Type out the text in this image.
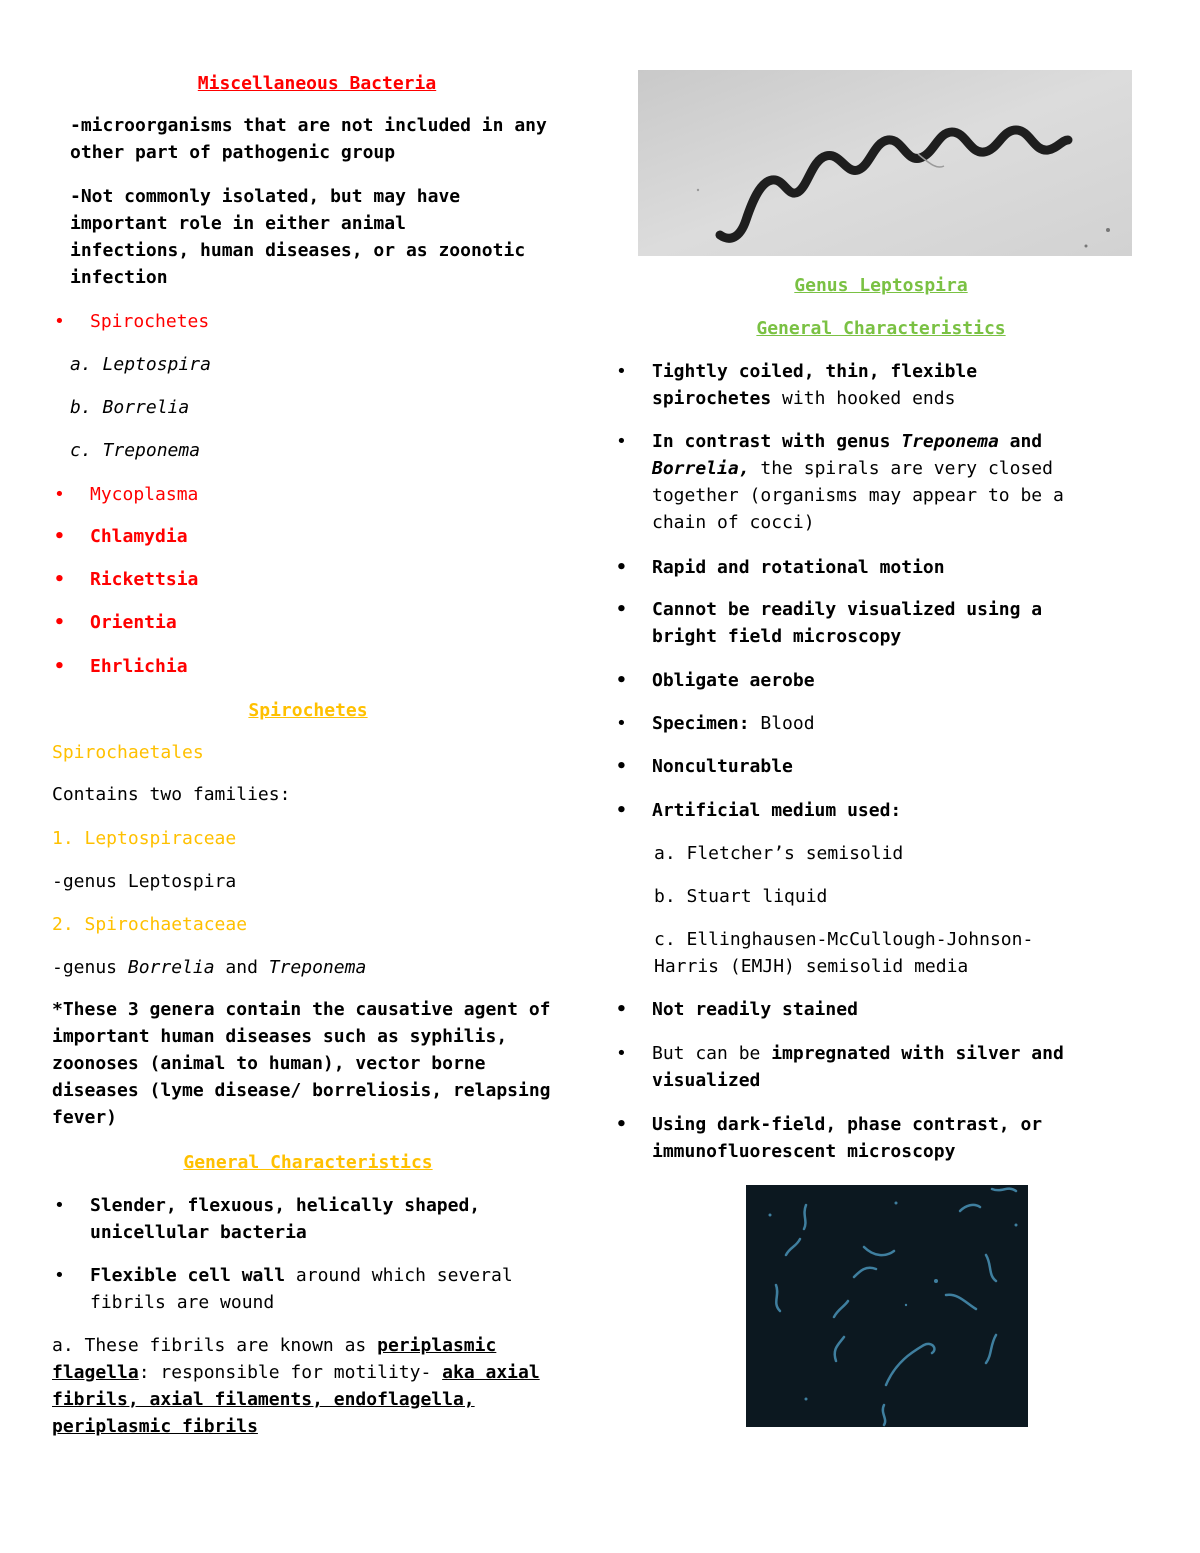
Miscellaneous Bacteria

-microorganisms that are not included in any other part of pathogenic group

-Not commonly isolated, but may have important role in either animal infections, human diseases, or as zoonotic infection

• Spirochetes

a. Leptospira

b. Borrelia

c. Treponema

• Mycoplasma
• Chlamydia
• Rickettsia
• Orientia
• Ehrlichia

Spirochetes

Spirochaetales

Contains two families:

1. Leptospiraceae

-genus Leptospira

2. Spirochaetaceae

-genus Borrelia and Treponema

*These 3 genera contain the causative agent of important human diseases such as syphilis, zoonoses (animal to human), vector borne diseases (lyme disease/ borreliosis, relapsing fever)

General Characteristics

• Slender, flexuous, helically shaped, unicellular bacteria
• Flexible cell wall around which several fibrils are wound

a. These fibrils are known as periplasmic flagella: responsible for motility- aka axial fibrils, axial filaments, endoflagella, periplasmic fibrils

Genus Leptospira

General Characteristics

• Tightly coiled, thin, flexible spirochetes with hooked ends
• In contrast with genus Treponema and Borrelia, the spirals are very closed together (organisms may appear to be a chain of cocci)
• Rapid and rotational motion
• Cannot be readily visualized using a bright field microscopy
• Obligate aerobe
• Specimen: Blood
• Nonculturable
• Artificial medium used:

a. Fletcher’s semisolid

b. Stuart liquid

c. Ellinghausen-McCullough-Johnson-Harris (EMJH) semisolid media

• Not readily stained
• But can be impregnated with silver and visualized
• Using dark-field, phase contrast, or immunofluorescent microscopy
